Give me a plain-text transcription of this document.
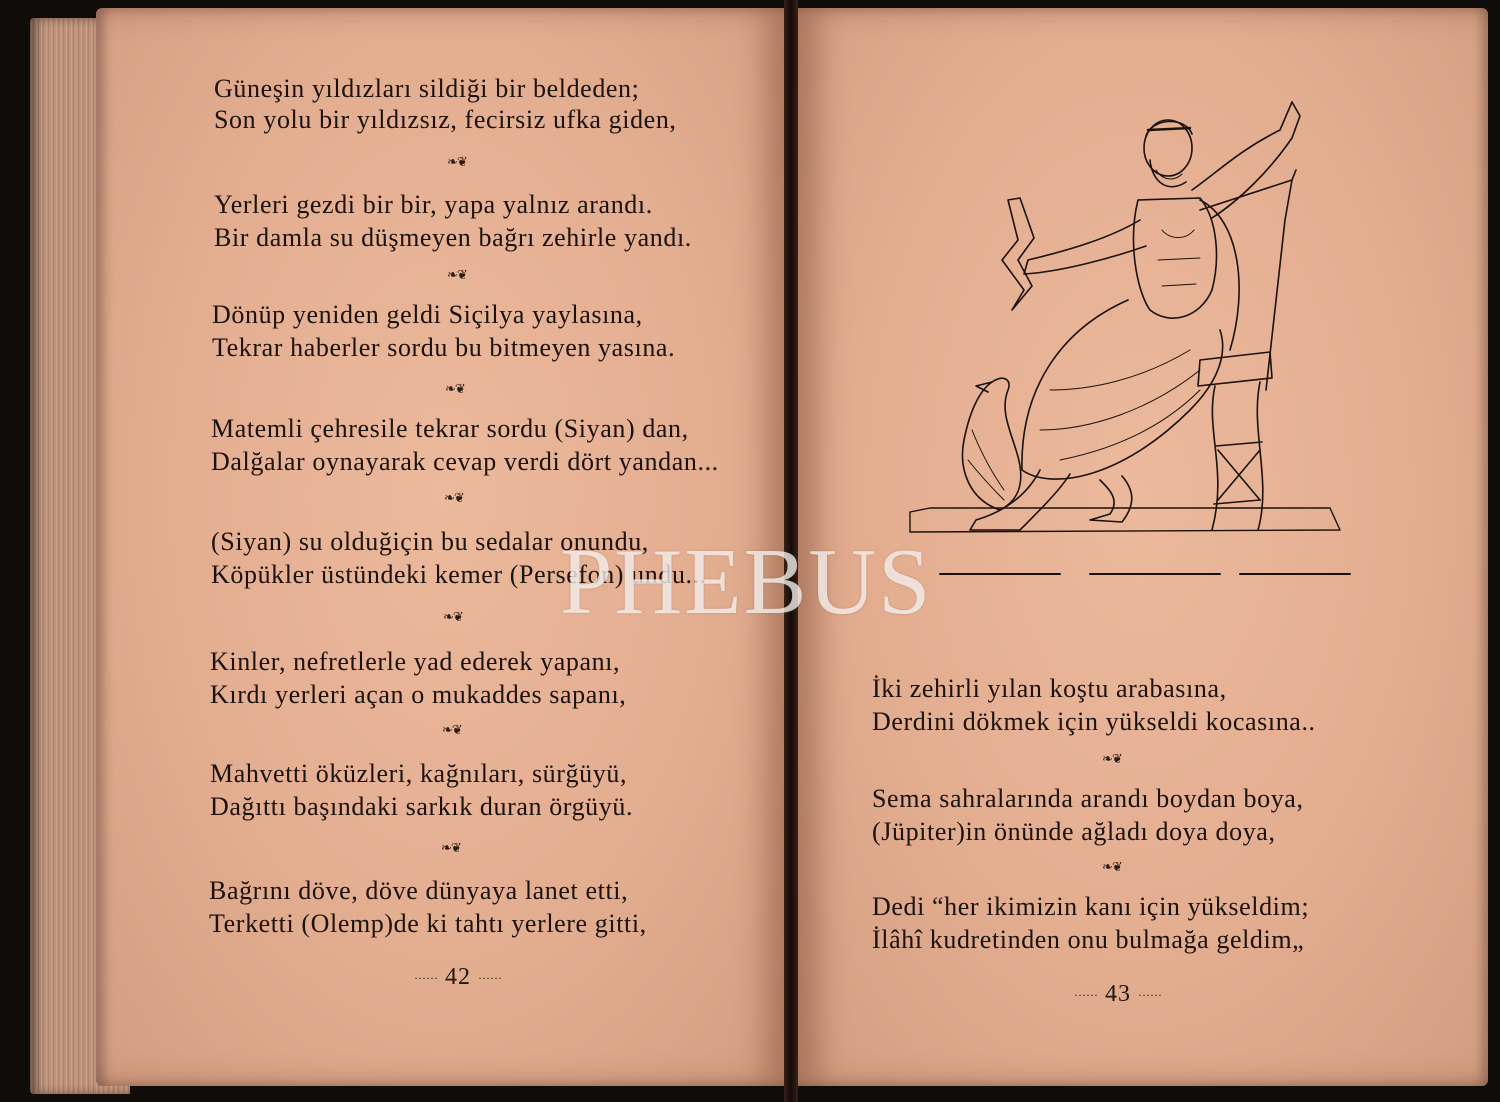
Güneşin yıldızları sildiği bir beldeden;
Son yolu bir yıldızsız, fecirsiz ufka giden,
❧❦
Yerleri gezdi bir bir, yapa yalnız arandı.
Bir damla su düşmeyen bağrı zehirle yandı.
❧❦
Dönüp yeniden geldi Siçilya yaylasına,
Tekrar haberler sordu bu bitmeyen yasına.
❧❦
Matemli çehresile tekrar sordu (Siyan) dan,
Dalğalar oynayarak cevap verdi dört yandan...
❧❦
(Siyan) su olduğiçin bu sedalar onundu,
Köpükler üstündeki kemer (Persefon) undu...
❧❦
Kinler, nefretlerle yad ederek yapanı,
Kırdı yerleri açan o mukaddes sapanı,
❧❦
Mahvetti öküzleri, kağnıları, sürğüyü,
Dağıttı başındaki sarkık duran örgüyü.
❧❦
Bağrını döve, döve dünyaya lanet etti,
Terketti (Olemp)de ki tahtı yerlere gitti,
······ 42 ······
İki zehirli yılan koştu arabasına,
Derdini dökmek için yükseldi kocasına..
❧❦
Sema sahralarında arandı boydan boya,
(Jüpiter)in önünde ağladı doya doya,
❧❦
Dedi “her ikimizin kanı için yükseldim;
İlâhî kudretinden onu bulmağa geldim„
······ 43 ······
PHEBUS
